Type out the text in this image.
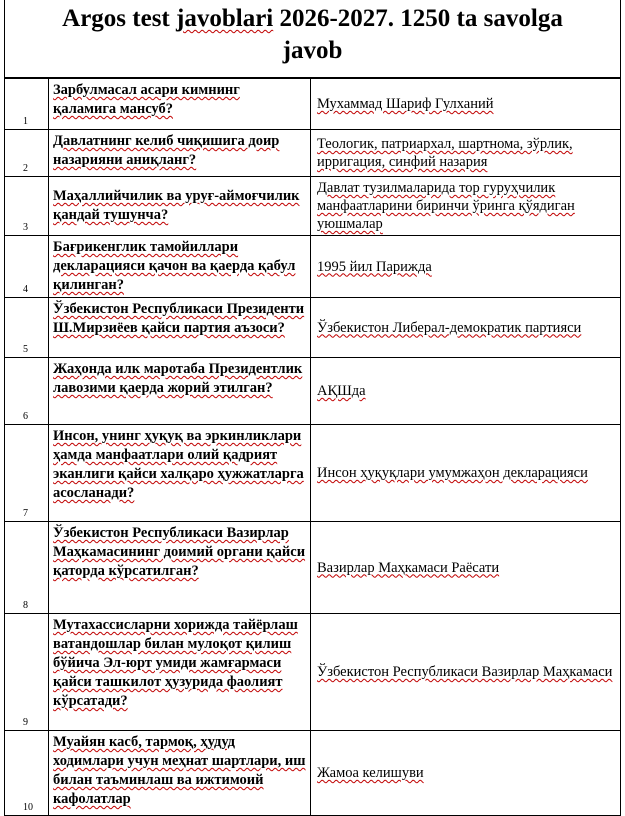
Argos test javoblari 2026-2027. 1250 ta savolga
javob
1	Зарбулмасал асари кимнинг қаламига мансуб?	Мухаммад Шариф Гулханий
2	Давлатнинг келиб чиқишига доир назарияни аниқланг?	Теологик, патриархал, шартнома, зўрлик, ирригация, синфий назария
3	Маҳаллийчилик ва уруғ-аймоғчилик қандай тушунча?	Давлат тузилмаларида тор гуруҳчилик манфаатларини биринчи ўринга қўядиган уюшмалар
4	Бағрикенглик тамойиллари декларацияси қачон ва қаерда қабул қилинган?	1995 йил Парижда
5	Ўзбекистон Республикаси Президенти Ш.Мирзиёев қайси партия аъзоси?	Ўзбекистон Либерал-демократик партияси
6	Жаҳонда илк маротаба Президентлик лавозими қаерда жорий этилган?	АҚШда
7	Инсон, унинг ҳуқуқ ва эркинликлари ҳамда манфаатлари олий қадрият эканлиги қайси халқаро ҳужжатларга асосланади?	Инсон ҳуқуқлари умумжаҳон декларацияси
8	Ўзбекистон Республикаси Вазирлар Маҳкамасининг доимий органи қайси қаторда кўрсатилган?	Вазирлар Маҳкамаси Раёсати
9	Мутахассисларни хорижда тайёрлаш ватандошлар билан мулоқот қилиш бўйича Эл-юрт умиди жамғармаси қайси ташкилот ҳузурида фаолият кўрсатади?	Ўзбекистон Республикаси Вазирлар Маҳкамаси
10	Муайян касб, тармоқ, ҳудуд ходимлари учун меҳнат шартлари, иш билан таъминлаш ва ижтимоий кафолатлар	Жамоа келишуви
